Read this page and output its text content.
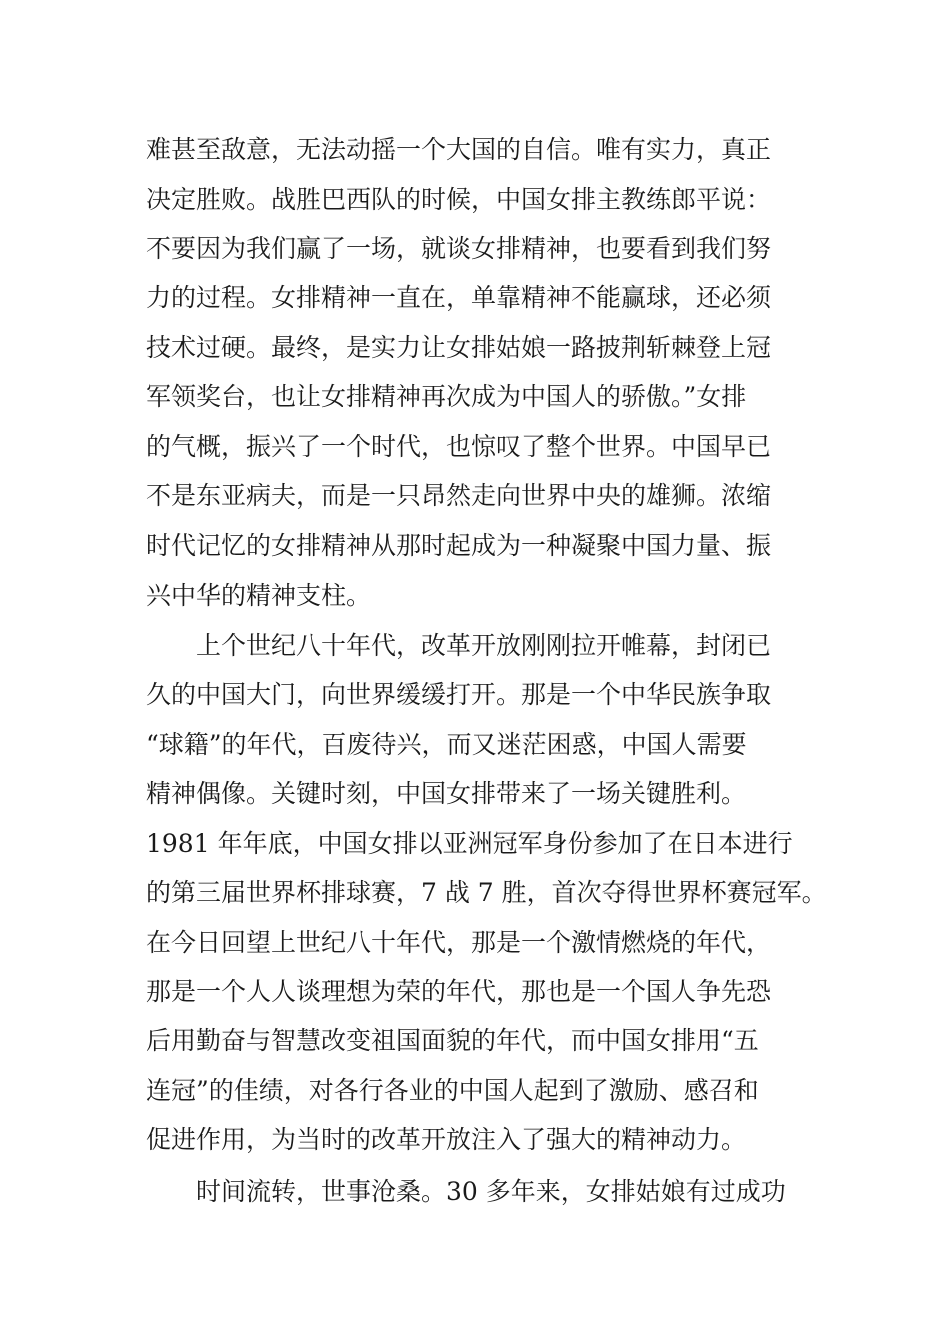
难甚至敌意，无法动摇一个大国的自信。唯有实力，真正

决定胜败。战胜巴西队的时候，中国女排主教练郎平说：

不要因为我们赢了一场，就谈女排精神，也要看到我们努

力的过程。女排精神一直在，单靠精神不能赢球，还必须

技术过硬。最终，是实力让女排姑娘一路披荆斩棘登上冠

军领奖台，也让女排精神再次成为中国人的骄傲。”女排

的气概，振兴了一个时代，也惊叹了整个世界。中国早已

不是东亚病夫，而是一只昂然走向世界中央的雄狮。浓缩

时代记忆的女排精神从那时起成为一种凝聚中国力量、振

兴中华的精神支柱。

上个世纪八十年代，改革开放刚刚拉开帷幕，封闭已

久的中国大门，向世界缓缓打开。那是一个中华民族争取

“球籍”的年代，百废待兴，而又迷茫困惑，中国人需要

精神偶像。关键时刻，中国女排带来了一场关键胜利。

1981 年年底，中国女排以亚洲冠军身份参加了在日本进行

的第三届世界杯排球赛，7 战 7 胜，首次夺得世界杯赛冠军。

在今日回望上世纪八十年代，那是一个激情燃烧的年代，

那是一个人人谈理想为荣的年代，那也是一个国人争先恐

后用勤奋与智慧改变祖国面貌的年代，而中国女排用“五

连冠”的佳绩，对各行各业的中国人起到了激励、感召和

促进作用，为当时的改革开放注入了强大的精神动力。

时间流转，世事沧桑。30 多年来，女排姑娘有过成功
